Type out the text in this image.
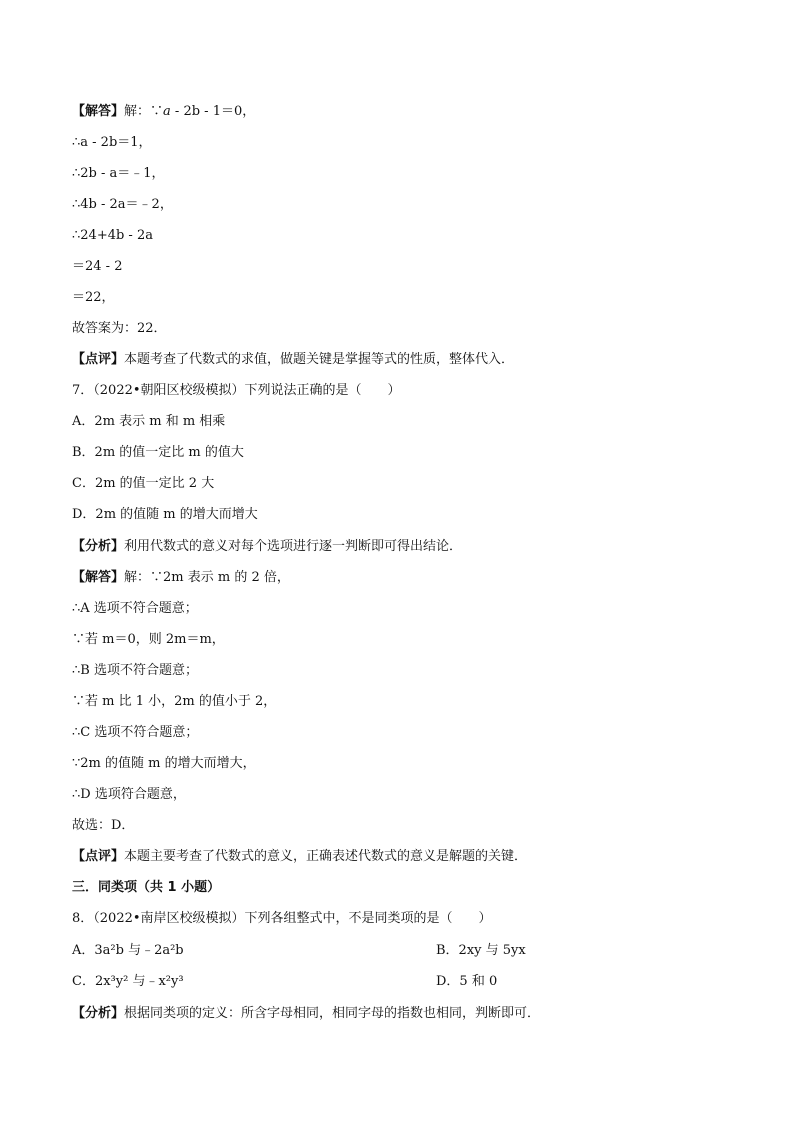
【解答】解：∵a - 2b - 1＝0，
∴a - 2b＝1，
∴2b - a＝﹣1，
∴4b - 2a＝﹣2，
∴24+4b - 2a
＝24 - 2
＝22，
故答案为：22．
【点评】本题考查了代数式的求值，做题关键是掌握等式的性质，整体代入．
7．（2022•朝阳区校级模拟）下列说法正确的是（　　）
A．2m 表示 m 和 m 相乘
B．2m 的值一定比 m 的值大
C．2m 的值一定比 2 大
D．2m 的值随 m 的增大而增大
【分析】利用代数式的意义对每个选项进行逐一判断即可得出结论．
【解答】解：∵2m 表示 m 的 2 倍，
∴A 选项不符合题意；
∵若 m＝0，则 2m＝m，
∴B 选项不符合题意；
∵若 m 比 1 小，2m 的值小于 2，
∴C 选项不符合题意；
∵2m 的值随 m 的增大而增大，
∴D 选项符合题意，
故选：D．
【点评】本题主要考查了代数式的意义，正确表述代数式的意义是解题的关键．
三．同类项（共 1 小题）
8．（2022•南岸区校级模拟）下列各组整式中，不是同类项的是（　　）
A．3a²b 与﹣2a²b	B．2xy 与 5yx
C．2x³y² 与﹣x²y³	D．5 和 0
【分析】根据同类项的定义：所含字母相同，相同字母的指数也相同，判断即可．
